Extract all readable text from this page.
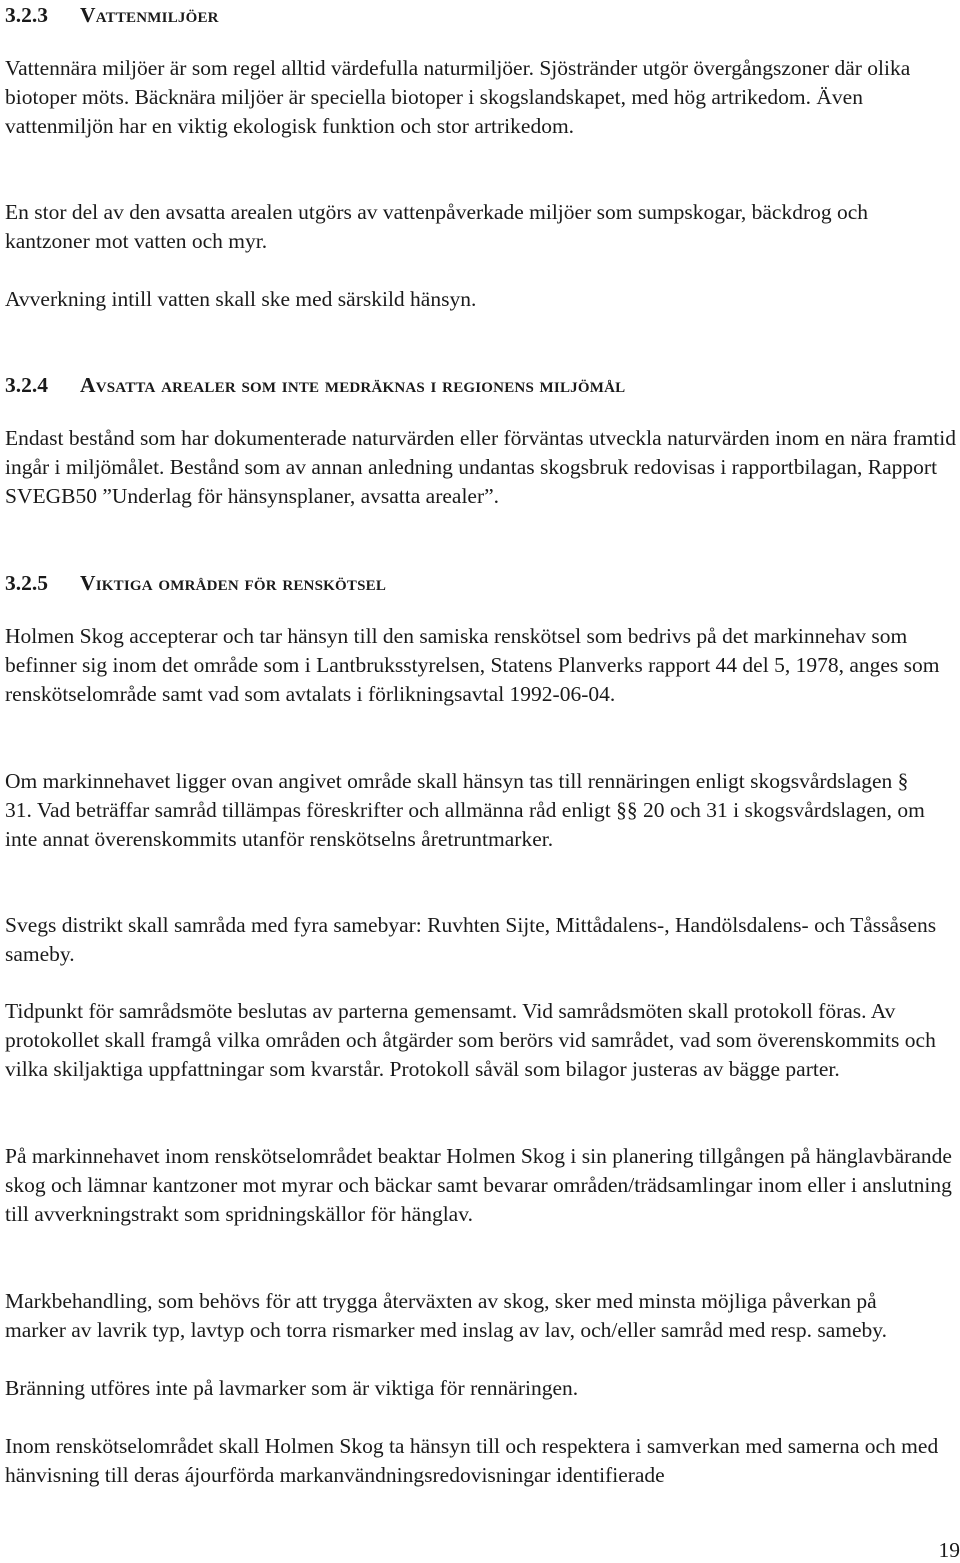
3.2.3 Vattenmiljöer

Vattennära miljöer är som regel alltid värdefulla naturmiljöer. Sjöstränder utgör övergångszoner där olika biotoper möts. Bäcknära miljöer är speciella biotoper i skogslandskapet, med hög artrikedom. Även vattenmiljön har en viktig ekologisk funktion och stor artrikedom.

En stor del av den avsatta arealen utgörs av vattenpåverkade miljöer som sumpskogar, bäckdrog och kantzoner mot vatten och myr.

Avverkning intill vatten skall ske med särskild hänsyn.

3.2.4 Avsatta arealer som inte medräknas i regionens miljömål

Endast bestånd som har dokumenterade naturvärden eller förväntas utveckla naturvärden inom en nära framtid ingår i miljömålet. Bestånd som av annan anledning undantas skogsbruk redovisas i rapportbilagan, Rapport SVEGB50 ”Underlag för hänsynsplaner, avsatta arealer”.

3.2.5 Viktiga områden för renskötsel

Holmen Skog accepterar och tar hänsyn till den samiska renskötsel som bedrivs på det markinnehav som befinner sig inom det område som i Lantbruksstyrelsen, Statens Planverks rapport 44 del 5, 1978, anges som renskötselområde samt vad som avtalats i förlikningsavtal 1992-06-04.

Om markinnehavet ligger ovan angivet område skall hänsyn tas till rennäringen enligt skogsvårdslagen § 31. Vad beträffar samråd tillämpas föreskrifter och allmänna råd enligt §§ 20 och 31 i skogsvårdslagen, om inte annat överenskommits utanför renskötselns åretruntmarker.

Svegs distrikt skall samråda med fyra samebyar: Ruvhten Sijte, Mittådalens-, Handölsdalens- och Tåssåsens sameby.

Tidpunkt för samrådsmöte beslutas av parterna gemensamt. Vid samrådsmöten skall protokoll föras. Av protokollet skall framgå vilka områden och åtgärder som berörs vid samrådet, vad som överenskommits och vilka skiljaktiga uppfattningar som kvarstår. Protokoll såväl som bilagor justeras av bägge parter.

På markinnehavet inom renskötselområdet beaktar Holmen Skog i sin planering tillgången på hänglavbärande skog och lämnar kantzoner mot myrar och bäckar samt bevarar områden/trädsamlingar inom eller i anslutning till avverkningstrakt som spridningskällor för hänglav.

Markbehandling, som behövs för att trygga återväxten av skog, sker med minsta möjliga påverkan på marker av lavrik typ, lavtyp och torra rismarker med inslag av lav, och/eller samråd med resp. sameby.

Bränning utföres inte på lavmarker som är viktiga för rennäringen.

Inom renskötselområdet skall Holmen Skog ta hänsyn till och respektera i samverkan med samerna och med hänvisning till deras ájourförda markanvändningsredovisningar identifierade

19
